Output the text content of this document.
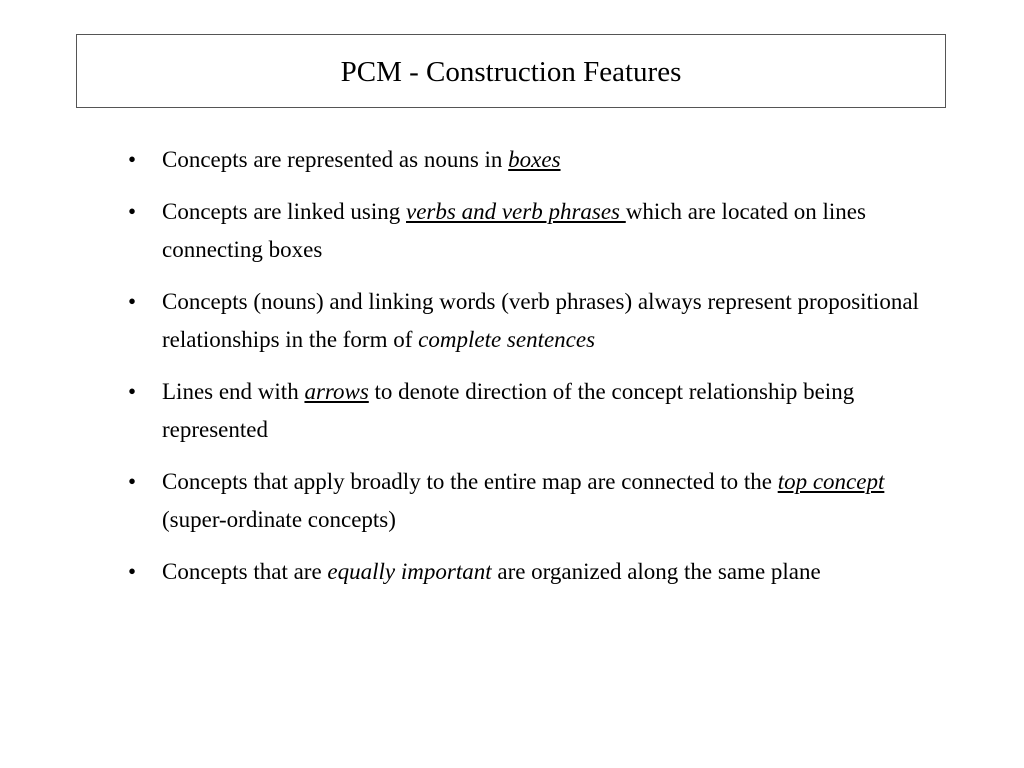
PCM - Construction Features
• Concepts are represented as nouns in boxes
• Concepts are linked using verbs and verb phrases which are located on lines connecting boxes
• Concepts (nouns) and linking words (verb phrases) always represent propositional relationships in the form of complete sentences
• Lines end with arrows to denote direction of the concept relationship being represented
• Concepts that apply broadly to the entire map are connected to the top concept (super-ordinate concepts)
• Concepts that are equally important are organized along the same plane
